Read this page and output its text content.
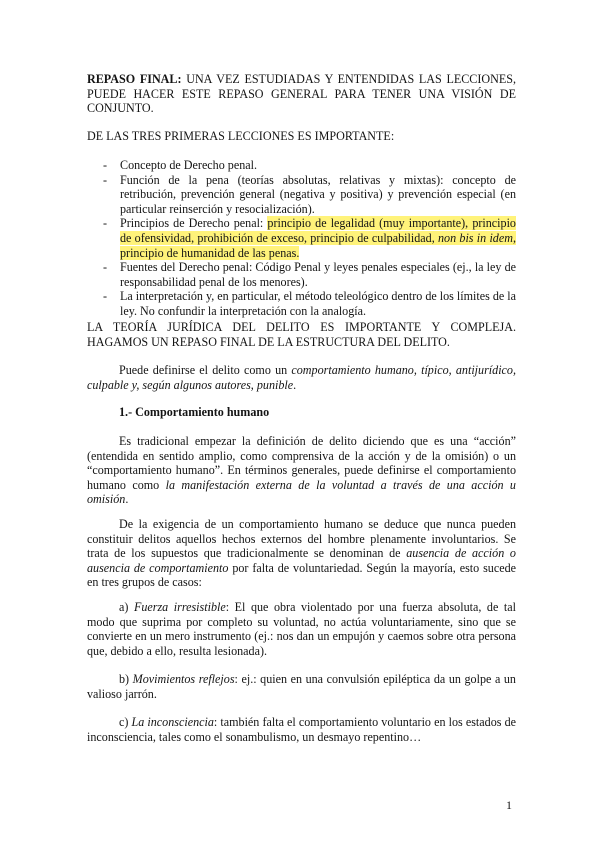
REPASO FINAL: UNA VEZ ESTUDIADAS Y ENTENDIDAS LAS LECCIONES, PUEDE HACER ESTE REPASO GENERAL PARA TENER UNA VISIÓN DE CONJUNTO.

DE LAS TRES PRIMERAS LECCIONES ES IMPORTANTE:

- Concepto de Derecho penal.
- Función de la pena (teorías absolutas, relativas y mixtas): concepto de retribución, prevención general (negativa y positiva) y prevención especial (en particular reinserción y resocialización).
- Principios de Derecho penal: principio de legalidad (muy importante), principio de ofensividad, prohibición de exceso, principio de culpabilidad, non bis in idem, principio de humanidad de las penas.
- Fuentes del Derecho penal: Código Penal y leyes penales especiales (ej., la ley de responsabilidad penal de los menores).
- La interpretación y, en particular, el método teleológico dentro de los límites de la ley. No confundir la interpretación con la analogía.

LA TEORÍA JURÍDICA DEL DELITO ES IMPORTANTE Y COMPLEJA. HAGAMOS UN REPASO FINAL DE LA ESTRUCTURA DEL DELITO.

Puede definirse el delito como un comportamiento humano, típico, antijurídico, culpable y, según algunos autores, punible.

1.- Comportamiento humano

Es tradicional empezar la definición de delito diciendo que es una “acción” (entendida en sentido amplio, como comprensiva de la acción y de la omisión) o un “comportamiento humano”. En términos generales, puede definirse el comportamiento humano como la manifestación externa de la voluntad a través de una acción u omisión.

De la exigencia de un comportamiento humano se deduce que nunca pueden constituir delitos aquellos hechos externos del hombre plenamente involuntarios. Se trata de los supuestos que tradicionalmente se denominan de ausencia de acción o ausencia de comportamiento por falta de voluntariedad. Según la mayoría, esto sucede en tres grupos de casos:

a) Fuerza irresistible: El que obra violentado por una fuerza absoluta, de tal modo que suprima por completo su voluntad, no actúa voluntariamente, sino que se convierte en un mero instrumento (ej.: nos dan un empujón y caemos sobre otra persona que, debido a ello, resulta lesionada).

b) Movimientos reflejos: ej.: quien en una convulsión epiléptica da un golpe a un valioso jarrón.

c) La inconsciencia: también falta el comportamiento voluntario en los estados de inconsciencia, tales como el sonambulismo, un desmayo repentino…

1
